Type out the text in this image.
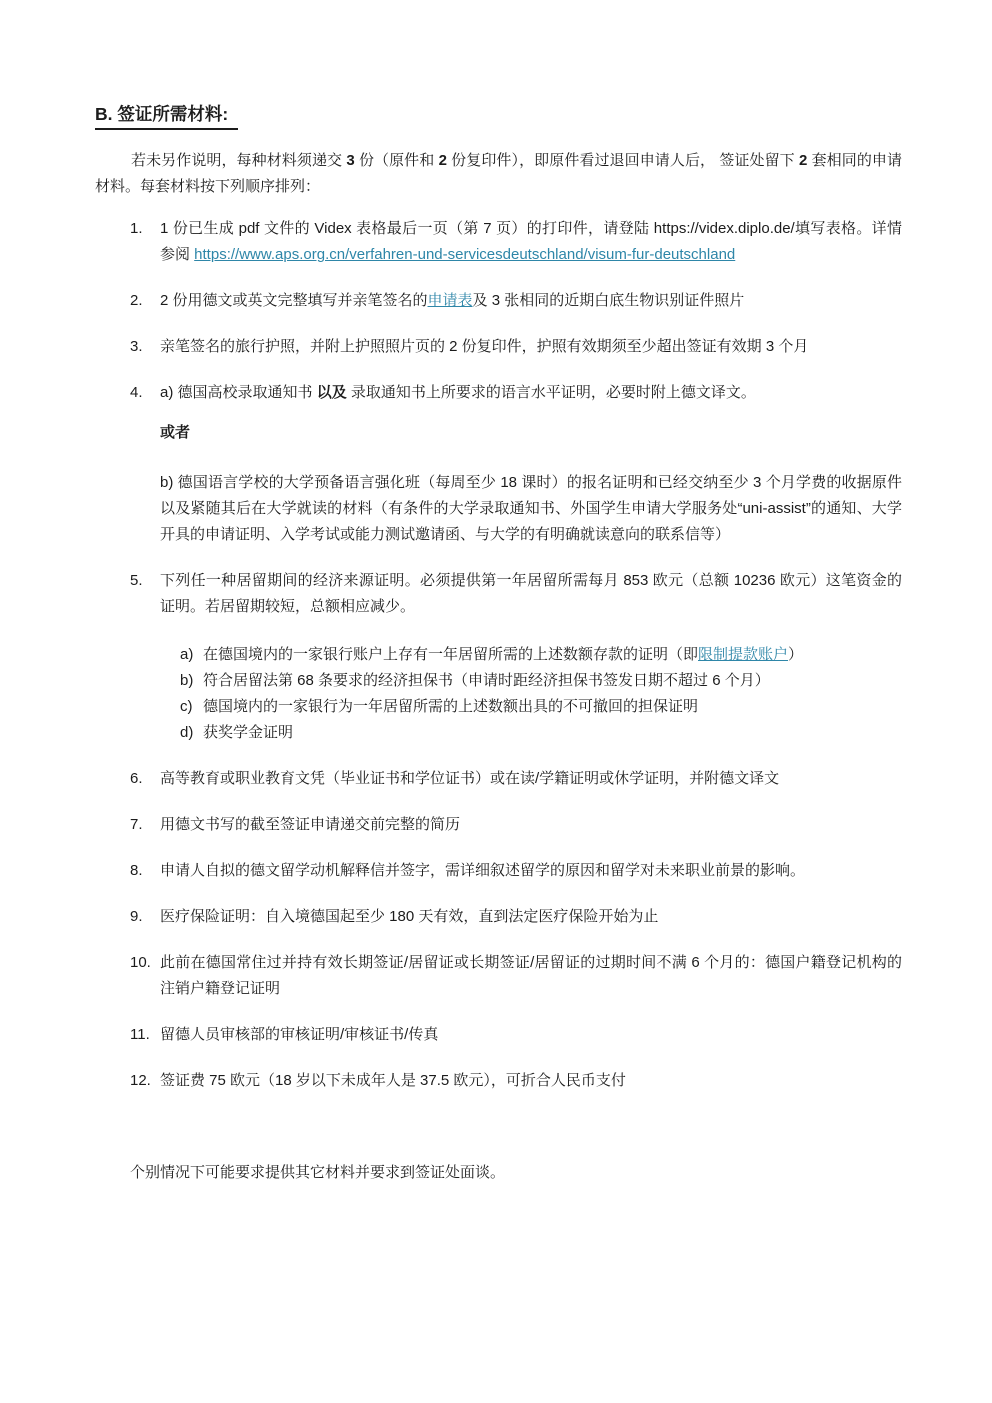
B. 签证所需材料:

若未另作说明，每种材料须递交 3 份（原件和 2 份复印件），即原件看过退回申请人后， 签证处留下 2 套相同的申请材料。每套材料按下列顺序排列：

1.	1 份已生成 pdf 文件的 Videx 表格最后一页（第 7 页）的打印件，请登陆 https://videx.diplo.de/填写表格。详情参阅 https://www.aps.org.cn/verfahren-und-servicesdeutschland/visum-fur-deutschland

2.	2 份用德文或英文完整填写并亲笔签名的申请表及 3 张相同的近期白底生物识别证件照片

3.	亲笔签名的旅行护照，并附上护照照片页的 2 份复印件，护照有效期须至少超出签证有效期 3 个月

4.	a) 德国高校录取通知书 以及 录取通知书上所要求的语言水平证明，必要时附上德文译文。

或者

b) 德国语言学校的大学预备语言强化班（每周至少 18 课时）的报名证明和已经交纳至少 3 个月学费的收据原件以及紧随其后在大学就读的材料（有条件的大学录取通知书、外国学生申请大学服务处“uni-assist”的通知、大学开具的申请证明、入学考试或能力测试邀请函、与大学的有明确就读意向的联系信等）

5.	下列任一种居留期间的经济来源证明。必须提供第一年居留所需每月 853 欧元（总额 10236 欧元）这笔资金的证明。若居留期较短，总额相应减少。

a) 在德国境内的一家银行账户上存有一年居留所需的上述数额存款的证明（即限制提款账户）

b) 符合居留法第 68 条要求的经济担保书（申请时距经济担保书签发日期不超过 6 个月）

c) 德国境内的一家银行为一年居留所需的上述数额出具的不可撤回的担保证明

d) 获奖学金证明

6.	高等教育或职业教育文凭（毕业证书和学位证书）或在读/学籍证明或休学证明，并附德文译文

7.	用德文书写的截至签证申请递交前完整的简历

8.	申请人自拟的德文留学动机解释信并签字，需详细叙述留学的原因和留学对未来职业前景的影响。

9.	医疗保险证明：自入境德国起至少 180 天有效，直到法定医疗保险开始为止

10. 此前在德国常住过并持有效长期签证/居留证或长期签证/居留证的过期时间不满 6 个月的：德国户籍登记机构的注销户籍登记证明

11. 留德人员审核部的审核证明/审核证书/传真

12. 签证费 75 欧元（18 岁以下未成年人是 37.5 欧元），可折合人民币支付

个别情况下可能要求提供其它材料并要求到签证处面谈。
